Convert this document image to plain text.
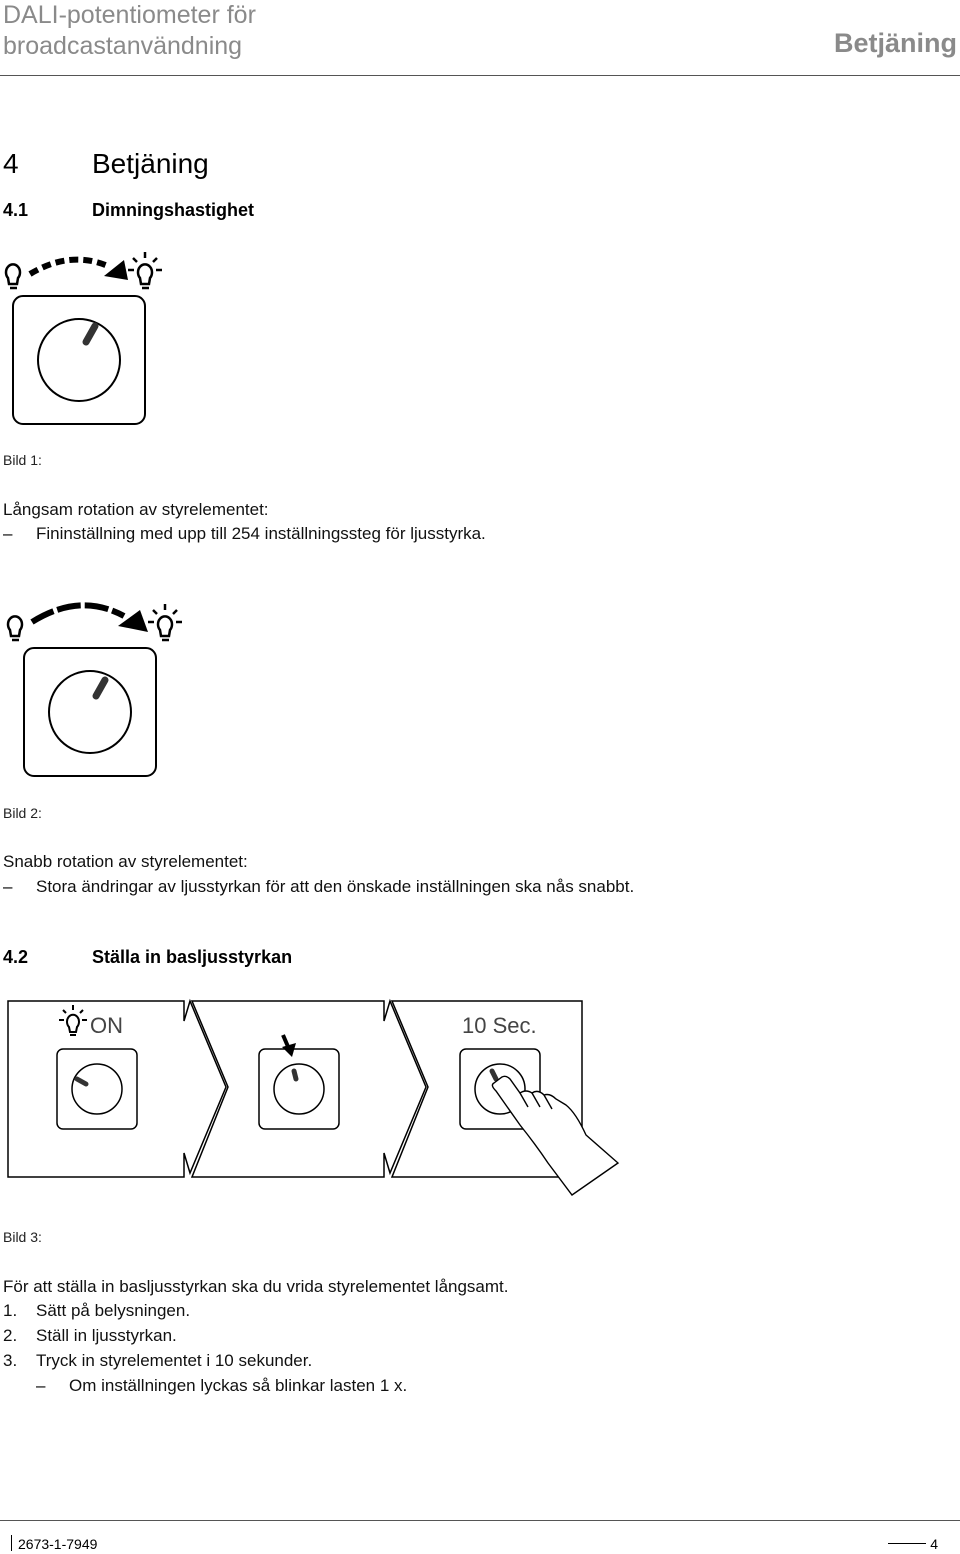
DALI-potentiometer för
broadcastanvändning	Betjäning
4	Betjäning
4.1	Dimningshastighet
Bild 1:
Långsam rotation av styrelementet:
– Fininställning med upp till 254 inställningssteg för ljusstyrka.
Bild 2:
Snabb rotation av styrelementet:
– Stora ändringar av ljusstyrkan för att den önskade inställningen ska nås snabbt.
4.2	Ställa in basljusstyrkan
ON	10 Sec.
Bild 3:
För att ställa in basljusstyrkan ska du vrida styrelementet långsamt.
1. Sätt på belysningen.
2. Ställ in ljusstyrkan.
3. Tryck in styrelementet i 10 sekunder.
– Om inställningen lyckas så blinkar lasten 1 x.
2673-1-7949	4
